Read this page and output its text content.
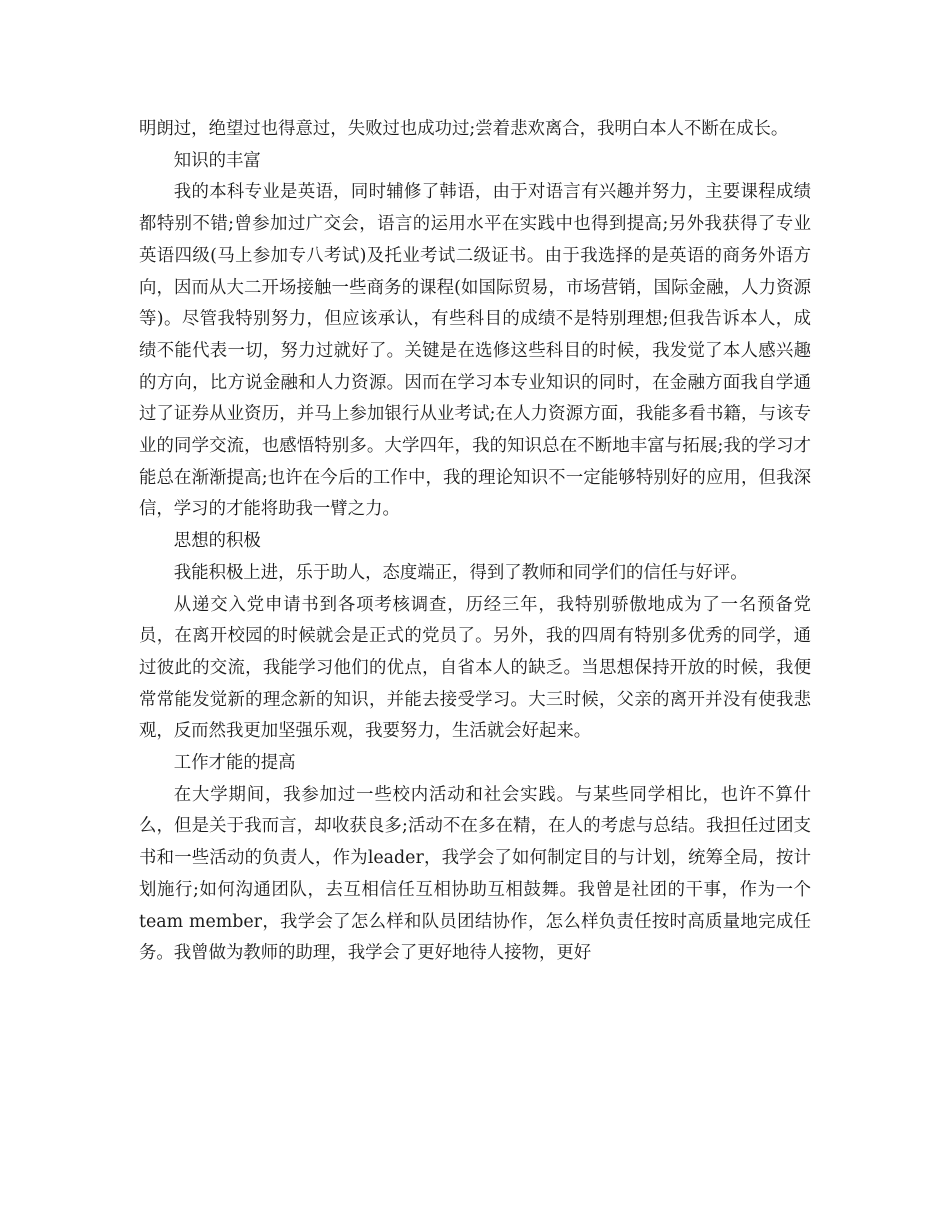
明朗过，绝望过也得意过，失败过也成功过;尝着悲欢离合，我明白本人不断在成长。

知识的丰富

我的本科专业是英语，同时辅修了韩语，由于对语言有兴趣并努力，主要课程成绩都特别不错;曾参加过广交会，语言的运用水平在实践中也得到提高;另外我获得了专业英语四级(马上参加专八考试)及托业考试二级证书。由于我选择的是英语的商务外语方向，因而从大二开场接触一些商务的课程(如国际贸易，市场营销，国际金融，人力资源等)。尽管我特别努力，但应该承认，有些科目的成绩不是特别理想;但我告诉本人，成绩不能代表一切，努力过就好了。关键是在选修这些科目的时候，我发觉了本人感兴趣的方向，比方说金融和人力资源。因而在学习本专业知识的同时，在金融方面我自学通过了证券从业资历，并马上参加银行从业考试;在人力资源方面，我能多看书籍，与该专业的同学交流，也感悟特别多。大学四年，我的知识总在不断地丰富与拓展;我的学习才能总在渐渐提高;也许在今后的工作中，我的理论知识不一定能够特别好的应用，但我深信，学习的才能将助我一臂之力。

思想的积极

我能积极上进，乐于助人，态度端正，得到了教师和同学们的信任与好评。

从递交入党申请书到各项考核调查，历经三年，我特别骄傲地成为了一名预备党员，在离开校园的时候就会是正式的党员了。另外，我的四周有特别多优秀的同学，通过彼此的交流，我能学习他们的优点，自省本人的缺乏。当思想保持开放的时候，我便常常能发觉新的理念新的知识，并能去接受学习。大三时候，父亲的离开并没有使我悲观，反而然我更加坚强乐观，我要努力，生活就会好起来。

工作才能的提高

在大学期间，我参加过一些校内活动和社会实践。与某些同学相比，也许不算什么，但是关于我而言，却收获良多;活动不在多在精，在人的考虑与总结。我担任过团支书和一些活动的负责人，作为leader，我学会了如何制定目的与计划，统筹全局，按计划施行;如何沟通团队，去互相信任互相协助互相鼓舞。我曾是社团的干事，作为一个team member，我学会了怎么样和队员团结协作，怎么样负责任按时高质量地完成任务。我曾做为教师的助理，我学会了更好地待人接物，更好
